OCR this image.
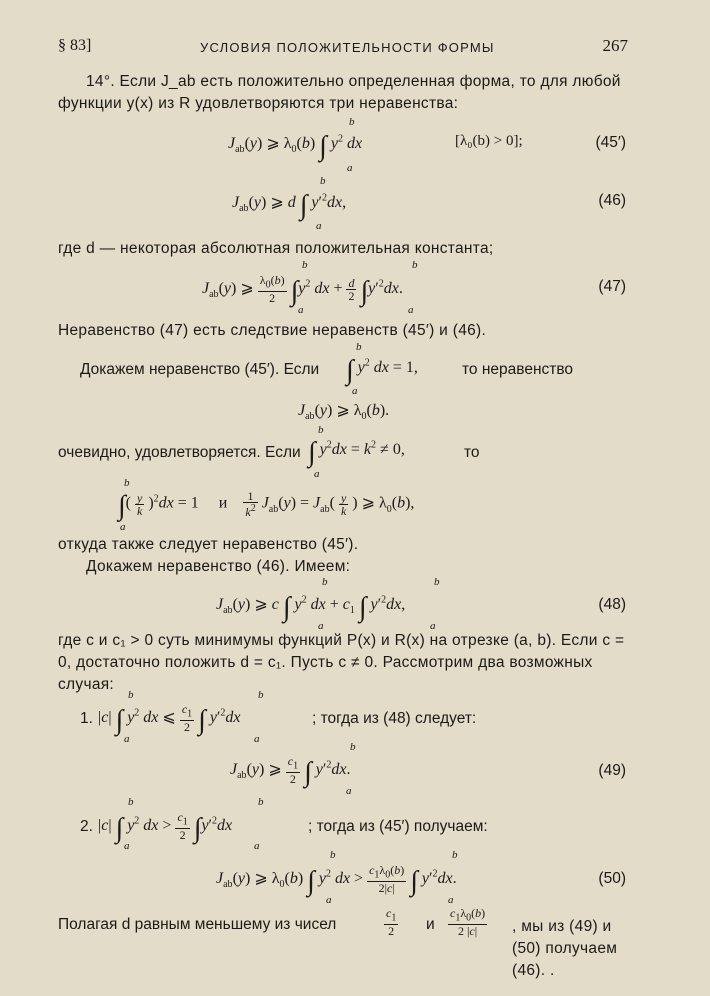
§ 83]	УСЛОВИЯ ПОЛОЖИТЕЛЬНОСТИ ФОРМЫ	267
14°. Если J_ab есть положительно определенная форма, то для любой функции y(x) из R удовлетворяются три неравенства:
$J_{ab}(y)$ ⩾ $\lambda_0(b)$ ∫ $y^2$ dx
b
a
[λ₀(b) > 0];	(45′)
$J_{ab}(y)$ ⩾ d ∫ $y'^2dx$,
b
a
(46)
где d — некоторая абсолютная положительная константа;
$J_{ab}(y)$ ⩾ $\frac{\lambda_0(b)}{2} \int y^2$ dx + $\frac{d}{2} \int y'^2dx$.
b
a
b
a
(47)
Неравенство (47) есть следствие неравенств (45′) и (46).
Докажем неравенство (45′). Если ∫ $y^2$ dx = 1,
b
a
то неравенство
$J_{ab}(y)$ ⩾ $\lambda_0(b)$.
очевидно, удовлетворяется. Если ∫ $y^2dx = k^2 \ne 0$,
b
a
то
∫( $\frac{y}{k} )^2dx = 1$     и $\frac{1}{k^2} J_{ab}(y) = J_{ab}( \frac{y}{k}$ ) ⩾ $\lambda_0(b)$,
b
a
откуда также следует неравенство (45′).
Докажем неравенство (46). Имеем:
$J_{ab}(y)$ ⩾ c ∫ $y^2$ dx + $c_1$ ∫ $y'^2dx$,
b
a
b
a
(48)
где c и c₁ > 0 суть минимумы функций P(x) и R(x) на отрезке (a, b). Если c = 0, достаточно положить d = c₁. Пусть c ≠ 0. Рассмотрим два возможных случая:
1. |c| ∫ $y^2$ dx ⩽ $\frac{c_1}{2}$ ∫ $y'^2dx$
b
a
b
a
; тогда из (48) следует:
$J_{ab}(y)$ ⩾ $\frac{c_1}{2}$ ∫ $y'^2dx$.
b
a
(49)
2. |c| ∫ $y^2$ dx > $\frac{c_1}{2} \int y'^2dx$
b
a
b
a
; тогда из (45′) получаем:
$J_{ab}(y)$ ⩾ $\lambda_0(b)$ ∫ $y^2$ dx > $\frac{c_1\lambda_0(b)}{2|c|}$ ∫ $y'^2dx$.
b
a
b
a
(50)
Полагая d равным меньшему из чисел	$\frac{c_1}{2}$ и $\frac{c_1\lambda_0(b)}{2 |c|}$ , мы из (49) и (50) получаем (46). .
